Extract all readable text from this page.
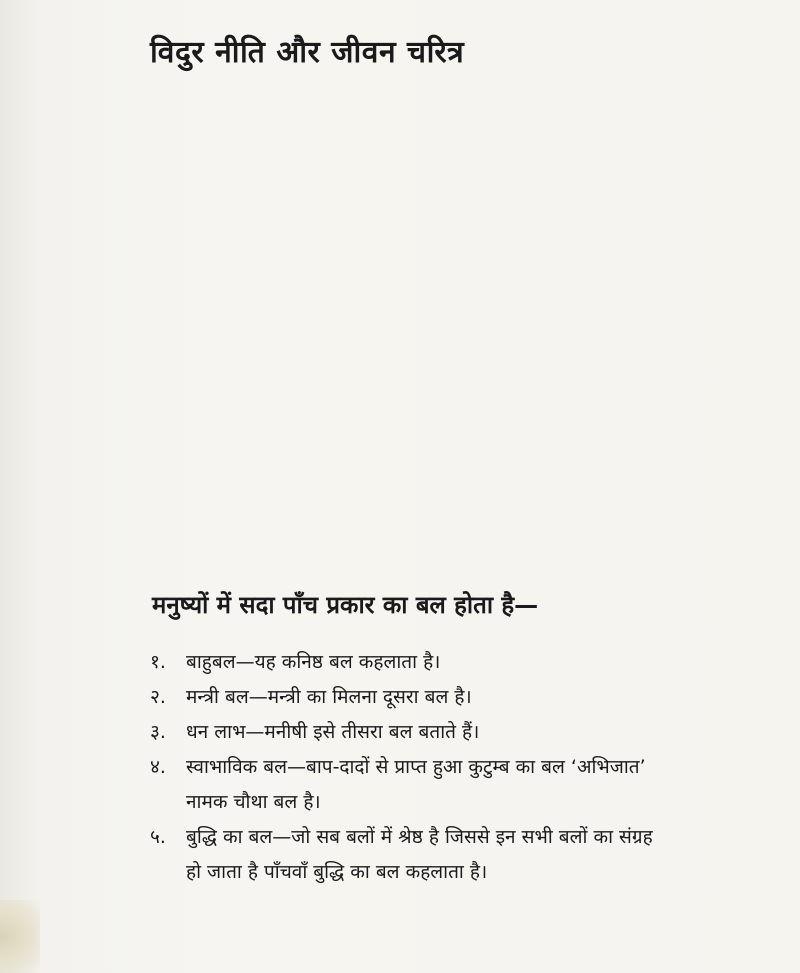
विदुर नीति और जीवन चरित्र
मनुष्यों में सदा पाँच प्रकार का बल होता है—
१.	बाहुबल—यह कनिष्ठ बल कहलाता है।
२.	मन्त्री बल—मन्त्री का मिलना दूसरा बल है।
३.	धन लाभ—मनीषी इसे तीसरा बल बताते हैं।
४.	स्वाभाविक बल—बाप-दादों से प्राप्त हुआ कुटुम्ब का बल ‘अभिजात’ नामक चौथा बल है।
५.	बुद्धि का बल—जो सब बलों में श्रेष्ठ है जिससे इन सभी बलों का संग्रह हो जाता है पाँचवाँ बुद्धि का बल कहलाता है।
